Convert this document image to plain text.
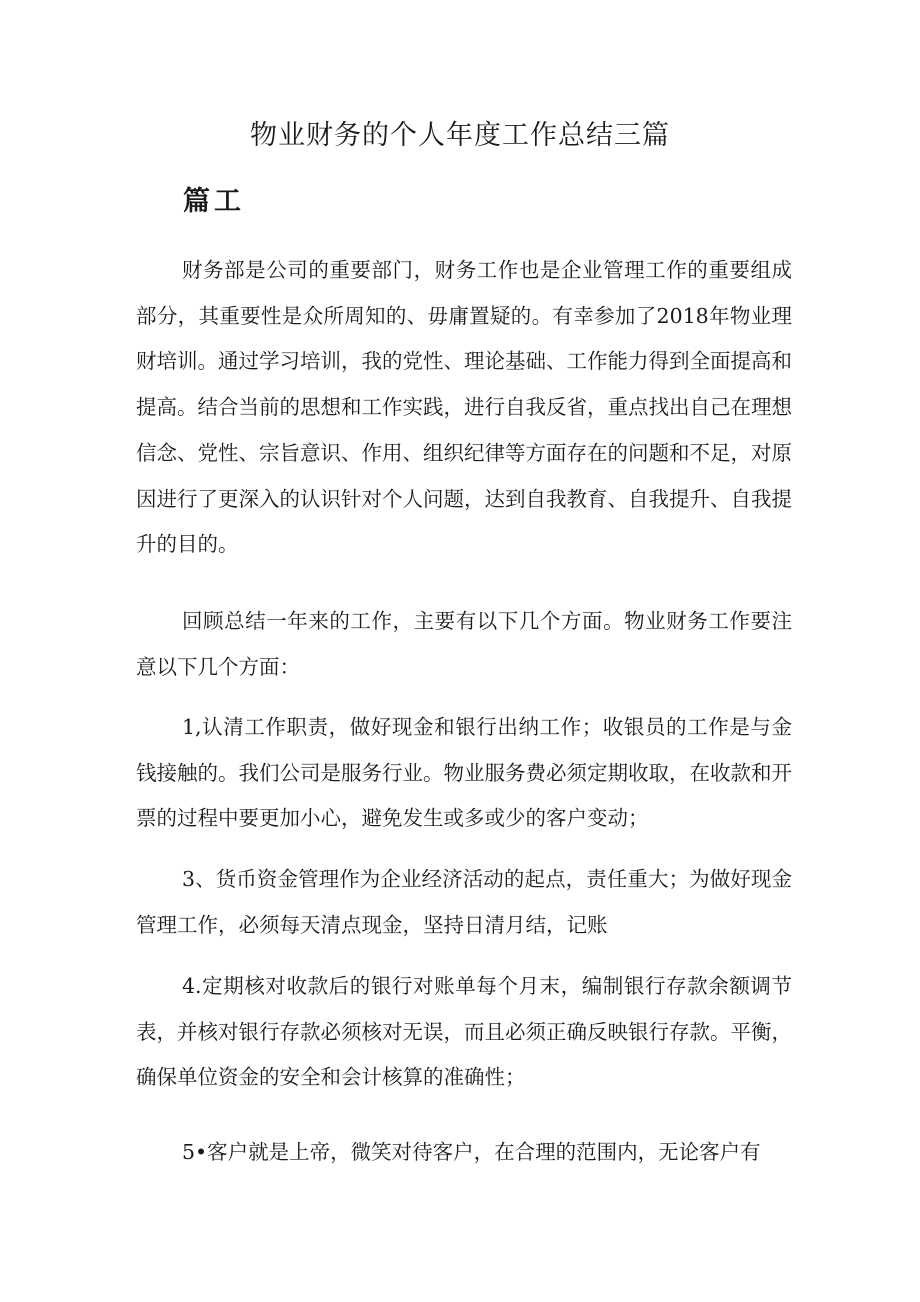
物业财务的个人年度工作总结三篇
篇工

财务部是公司的重要部门，财务工作也是企业管理工作的重要组成部分，其重要性是众所周知的、毋庸置疑的。有幸参加了2018年物业理财培训。通过学习培训，我的党性、理论基础、工作能力得到全面提高和提高。结合当前的思想和工作实践，进行自我反省，重点找出自己在理想信念、党性、宗旨意识、作用、组织纪律等方面存在的问题和不足，对原因进行了更深入的认识针对个人问题，达到自我教育、自我提升、自我提升的目的。

回顾总结一年来的工作，主要有以下几个方面。物业财务工作要注意以下几个方面：

1,认清工作职责，做好现金和银行出纳工作；收银员的工作是与金钱接触的。我们公司是服务行业。物业服务费必须定期收取，在收款和开票的过程中要更加小心，避免发生或多或少的客户变动；

3、货币资金管理作为企业经济活动的起点，责任重大；为做好现金管理工作，必须每天清点现金，坚持日清月结，记账

4.定期核对收款后的银行对账单每个月末，编制银行存款余额调节表，并核对银行存款必须核对无误，而且必须正确反映银行存款。平衡，确保单位资金的安全和会计核算的准确性；

5•客户就是上帝，微笑对待客户，在合理的范围内，无论客户有
